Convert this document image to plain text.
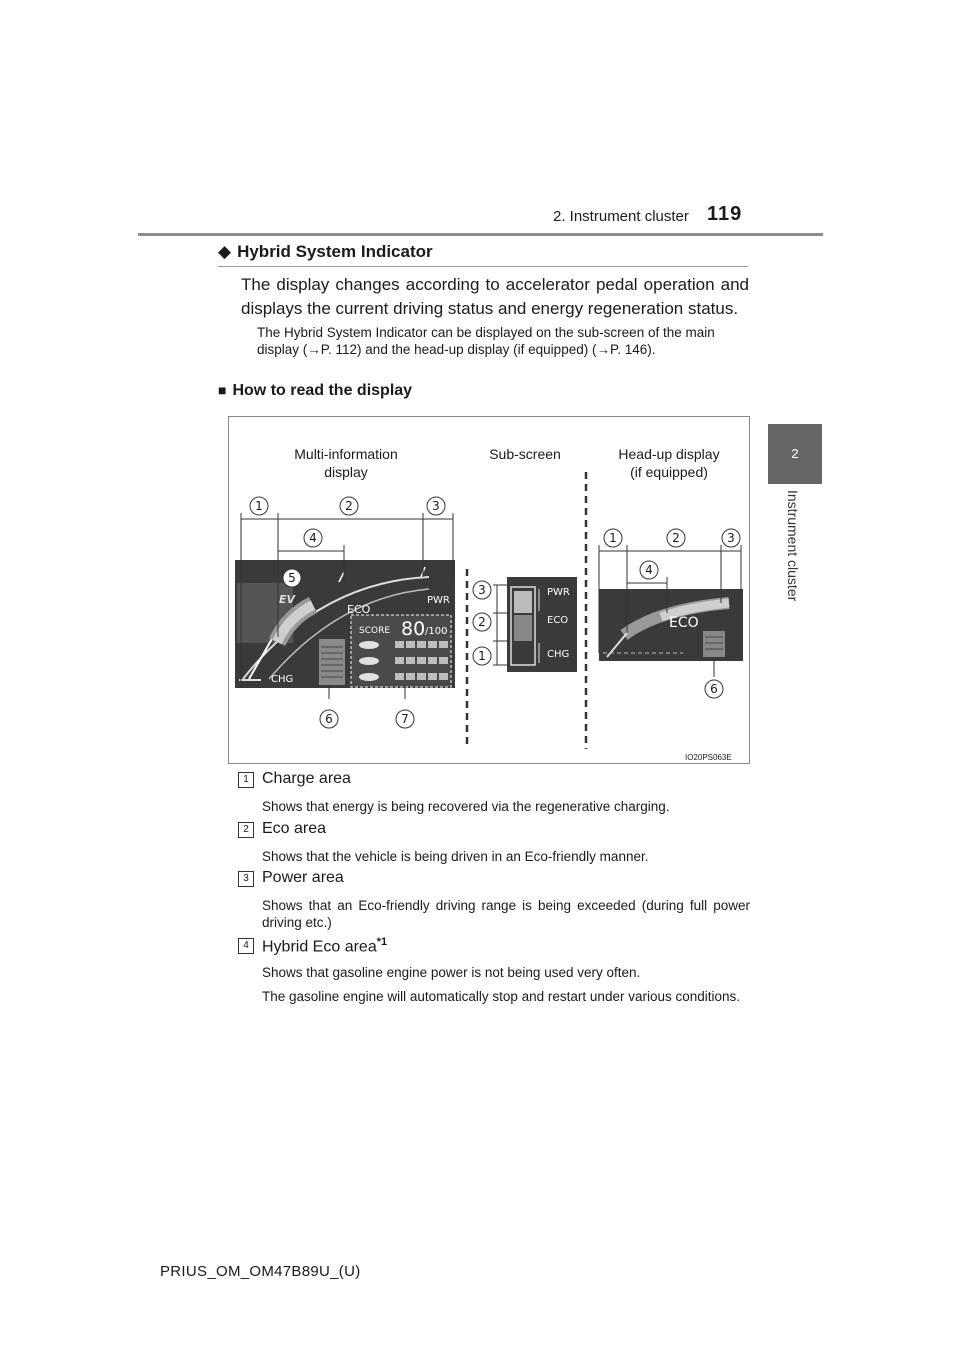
2. Instrument cluster 119
2
Instrument cluster
◆ Hybrid System Indicator
The display changes according to accelerator pedal operation and displays the current driving status and energy regeneration status.
The Hybrid System Indicator can be displayed on the sub-screen of the main display (→P. 112) and the head-up display (if equipped) (→P. 146).
■ How to read the display
Multi-information
display
Sub-screen	Head-up display
(if equipped)
ECO
PWR
CHG
EV
SCORE 80 /100
PWR
ECO
CHG
ECO
1	2	3
4
5
6	7
3
2
1
1	2	3
4
6
IO20PS063E
1 Charge area
Shows that energy is being recovered via the regenerative charging.
2 Eco area
Shows that the vehicle is being driven in an Eco-friendly manner.
3 Power area
Shows that an Eco-friendly driving range is being exceeded (during full power driving etc.)
4 Hybrid Eco area$^{*1}$
Shows that gasoline engine power is not being used very often.
The gasoline engine will automatically stop and restart under various conditions.
PRIUS_OM_OM47B89U_(U)
